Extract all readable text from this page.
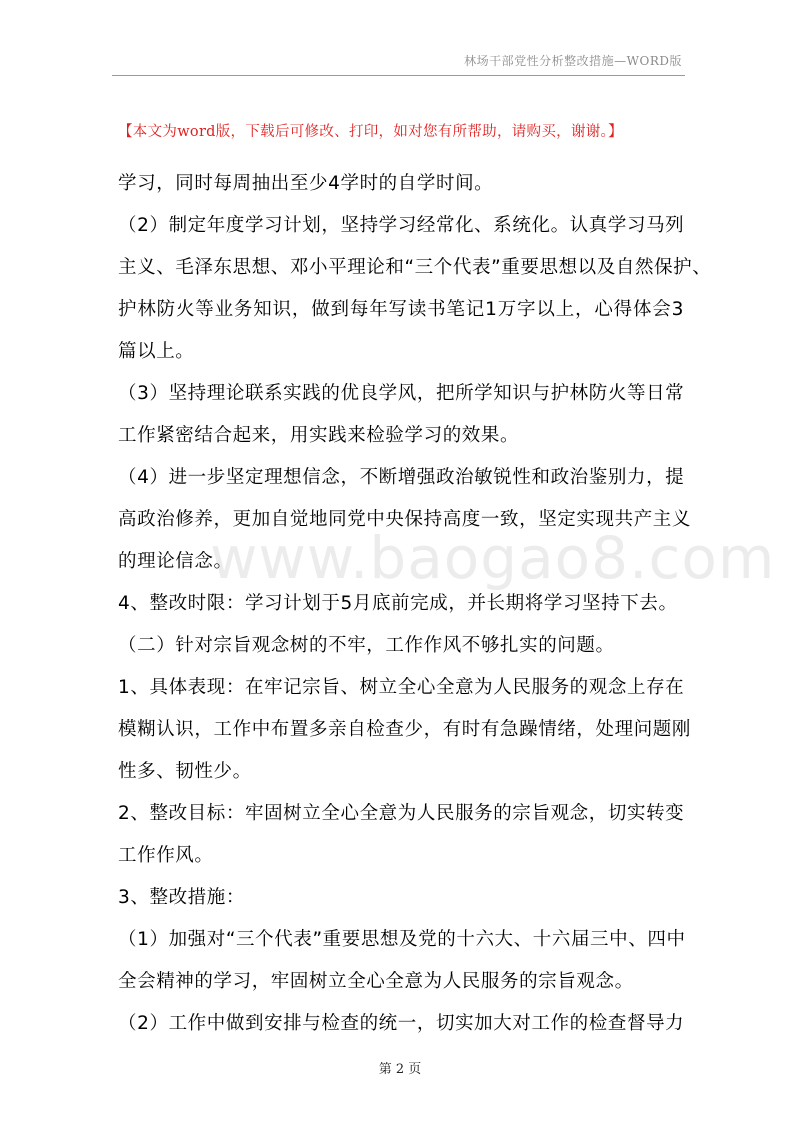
林场干部党性分析整改措施—WORD版
【本文为word版，下载后可修改、打印，如对您有所帮助，请购买，谢谢。】
学习，同时每周抽出至少4学时的自学时间。
（2）制定年度学习计划，坚持学习经常化、系统化。认真学习马列
主义、毛泽东思想、邓小平理论和“三个代表”重要思想以及自然保护、
护林防火等业务知识，做到每年写读书笔记1万字以上，心得体会3
篇以上。
（3）坚持理论联系实践的优良学风，把所学知识与护林防火等日常
工作紧密结合起来，用实践来检验学习的效果。
（4）进一步坚定理想信念，不断增强政治敏锐性和政治鉴别力，提
高政治修养，更加自觉地同党中央保持高度一致，坚定实现共产主义
的理论信念。
4、整改时限：学习计划于5月底前完成，并长期将学习坚持下去。
（二）针对宗旨观念树的不牢，工作作风不够扎实的问题。
1、具体表现：在牢记宗旨、树立全心全意为人民服务的观念上存在
模糊认识，工作中布置多亲自检查少，有时有急躁情绪，处理问题刚
性多、韧性少。
2、整改目标：牢固树立全心全意为人民服务的宗旨观念，切实转变
工作作风。
3、整改措施：
（1）加强对“三个代表”重要思想及党的十六大、十六届三中、四中
全会精神的学习，牢固树立全心全意为人民服务的宗旨观念。
（2）工作中做到安排与检查的统一，切实加大对工作的检查督导力
www.baogao8.com
第 2 页
